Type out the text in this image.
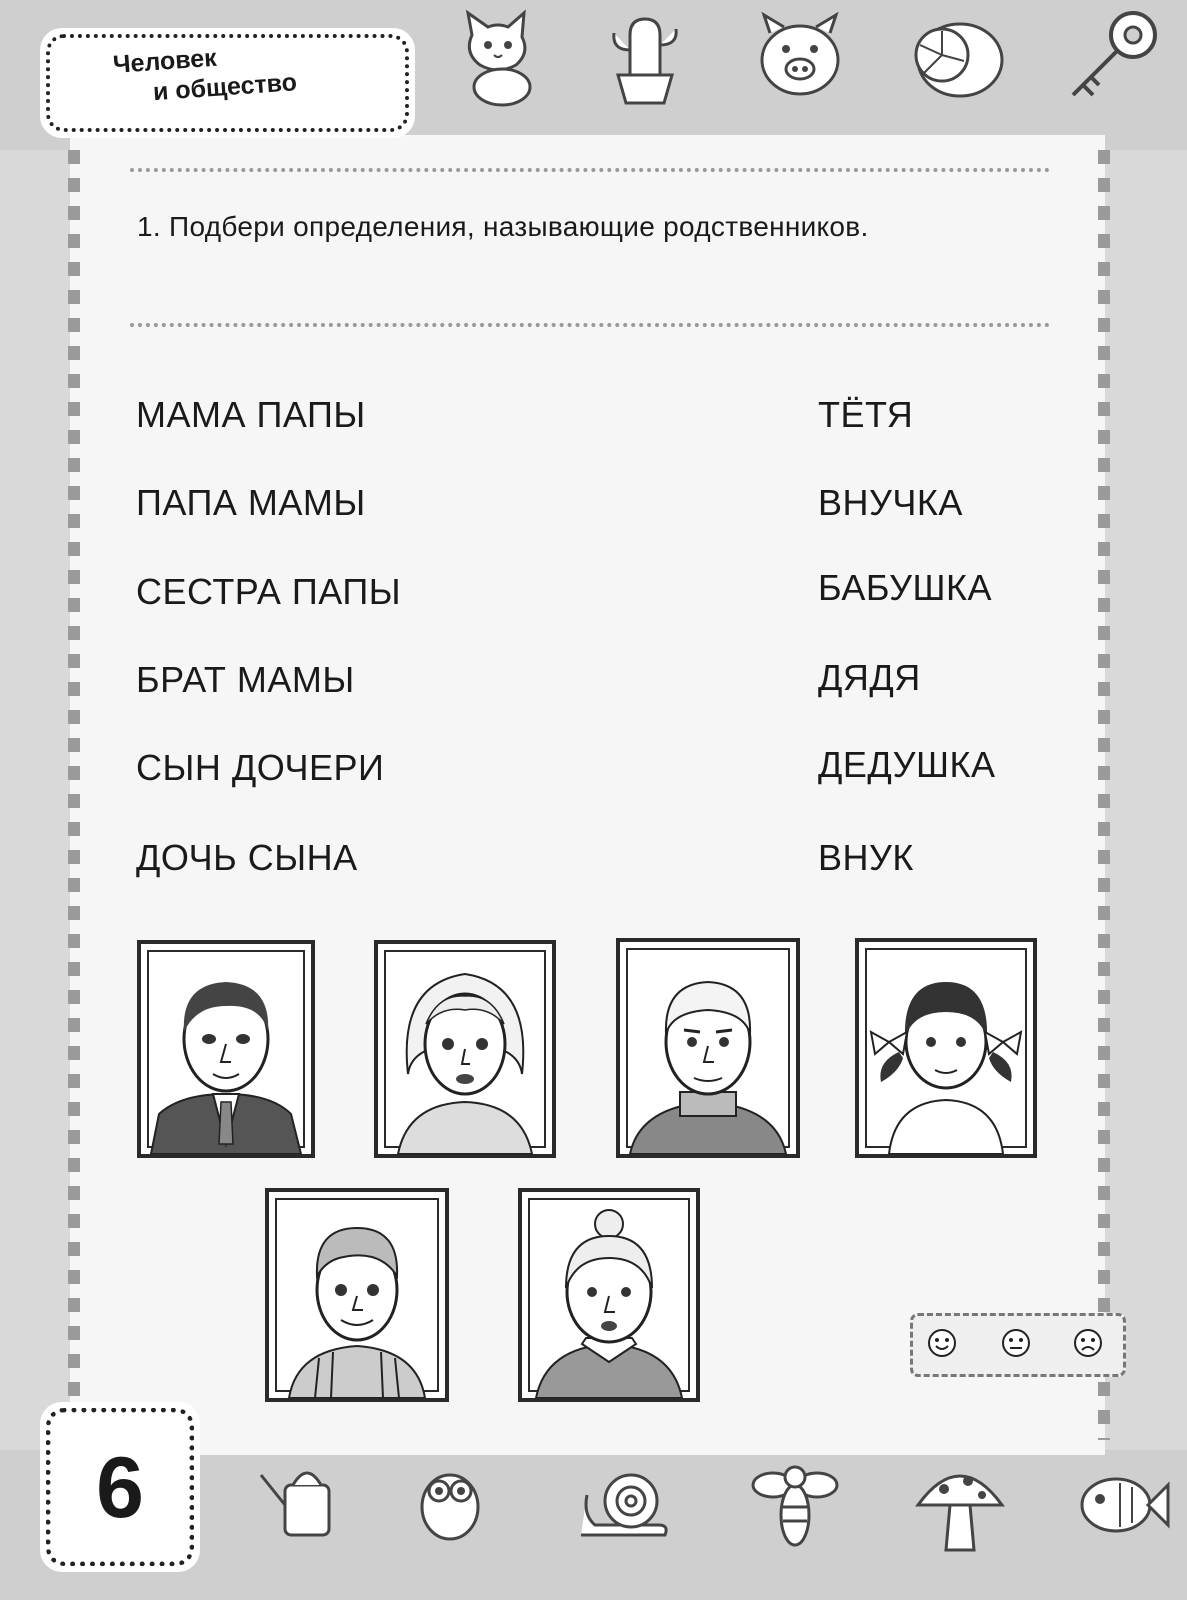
Человек
и общество
1. Подбери определения, называющие родственников.
МАМА ПАПЫ
ПАПА МАМЫ
СЕСТРА ПАПЫ
БРАТ МАМЫ
СЫН ДОЧЕРИ
ДОЧЬ СЫНА
ТЁТЯ
ВНУЧКА
БАБУШКА
ДЯДЯ
ДЕДУШКА
ВНУК
6
